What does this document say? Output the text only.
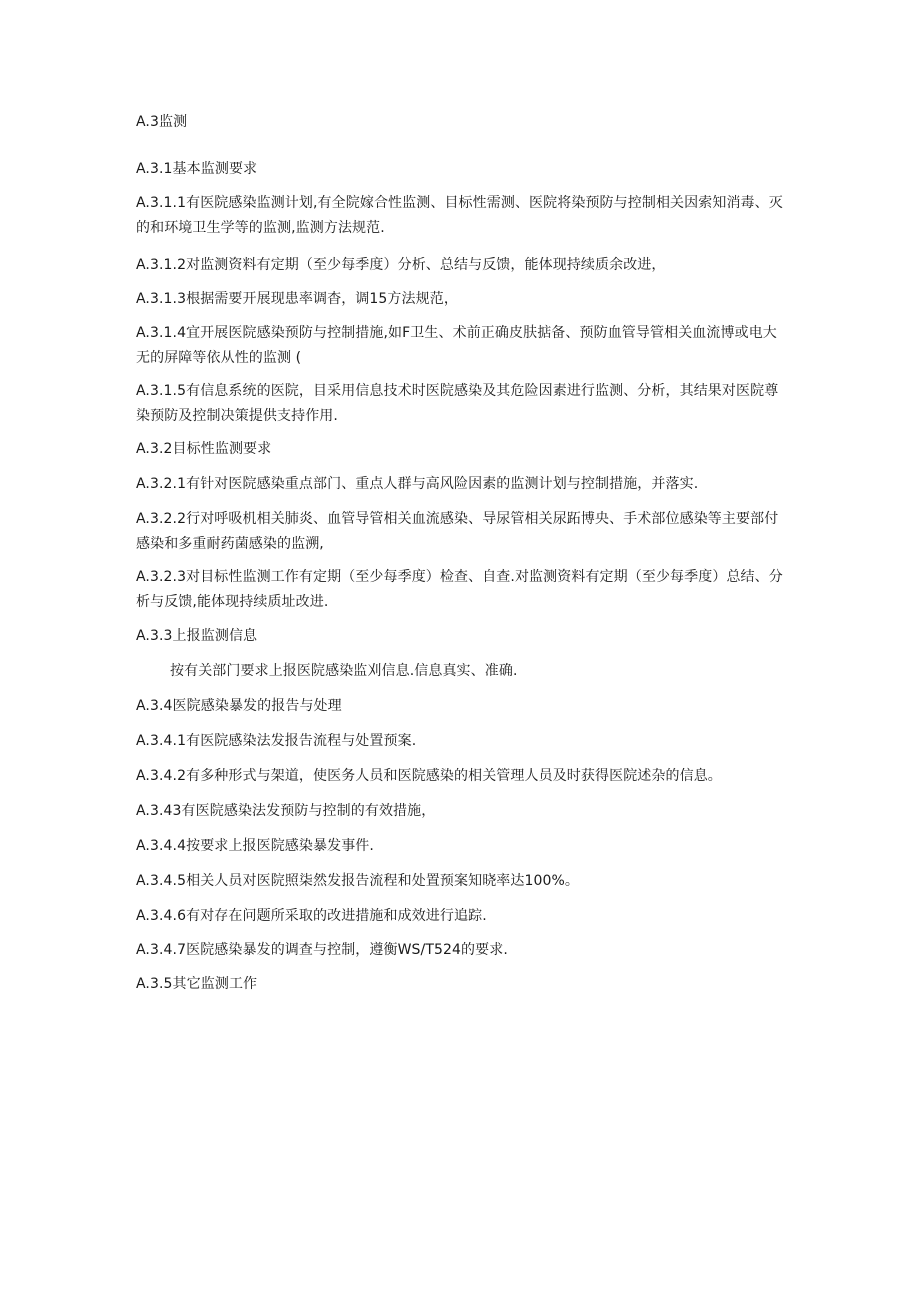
A.3监测

A.3.1基本监测要求

A.3.1.1有医院感染监测计划,有全院嫁合性监测、目标性需测、医院将染预防与控制相关因索知消毒、灭的和环境卫生学等的监测,监测方法规范.

A.3.1.2对监测资料有定期（至少每季度）分析、总结与反馈，能体现持续质余改进，

A.3.1.3根据需要开展现患率调杳，调15方法规范，

A.3.1.4宜开展医院感染预防与控制措施,如F卫生、术前正确皮肤掂备、预防血管导管相关血流博或电大无的屏障等依从性的监测 (

A.3.1.5有信息系统的医院，目采用信息技术时医院感染及其危险因素进行监测、分析，其结果对医院尊染预防及控制决策提供支持作用.

A.3.2目标性监测要求

A.3.2.1有针对医院感染重点部门、重点人群与高风险因素的监测计划与控制措施，并落实.

A.3.2.2行对呼吸机相关肺炎、血管导管相关血流感染、导尿管相关尿跖博央、手术部位感染等主要部付感染和多重耐药菌感染的监溯,

A.3.2.3对目标性监测工作有定期（至少每季度）检查、自查.对监测资料有定期（至少每季度）总结、分析与反馈,能体现持续质址改进.

A.3.3上报监测信息

按有关部门要求上报医院感染监刈信息.信息真实、准确.

A.3.4医院感染暴发的报告与处理

A.3.4.1有医院感染法发报告流程与处置预案.

A.3.4.2有多种形式与架道，使医务人员和医院感染的相关管理人员及时获得医院述杂的信息。

A.3.43有医院感染法发预防与控制的有效措施，

A.3.4.4按要求上报医院感染暴发事件.

A.3.4.5相关人员对医院照柒然发报告流程和处置预案知晓率达100%。

A.3.4.6有对存在问题所采取的改进措施和成效进行追踪.

A.3.4.7医院感染暴发的调查与控制，遵衡WS/T524的要求.

A.3.5其它监测工作
